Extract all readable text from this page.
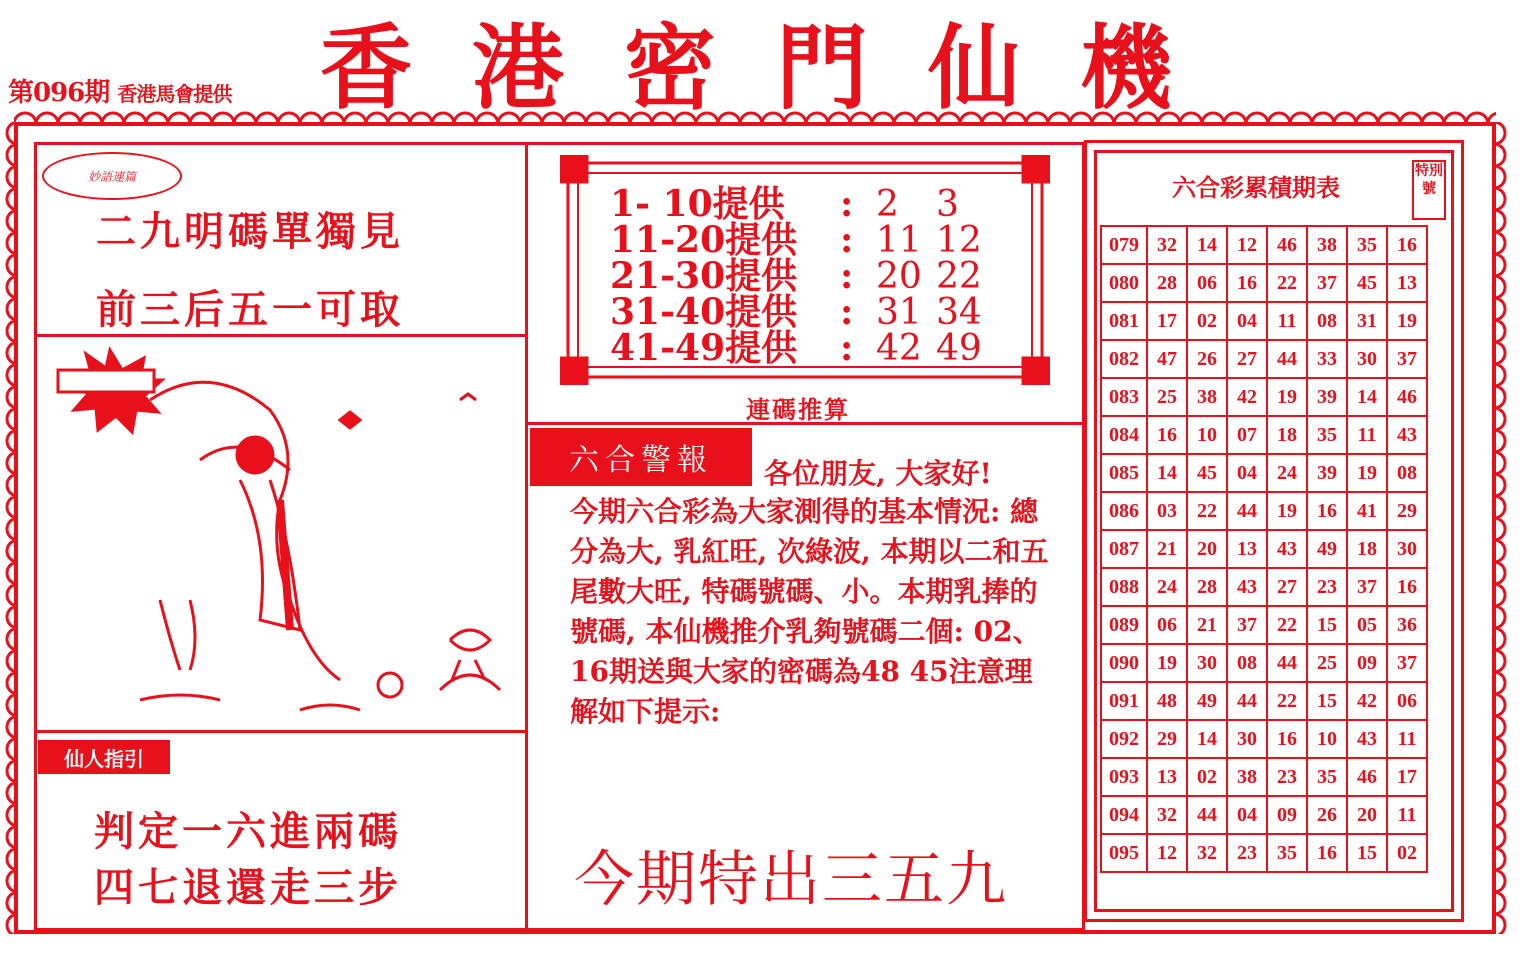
第096期 香港馬會提供 香港密門仙機
妙語連篇
二九明碼單獨見
前三后五一可取
仙人指引
判定一六進兩碼
四七退還走三步
1- 10提供 : 2 3
11-20提供 : 11 12
21-30提供 : 20 22
31-40提供 : 31 34
41-49提供 : 42 49
連碼推算
六合警報	各位朋友, 大家好!
今期六合彩為大家測得的基本情況: 總分為大, 乳紅旺, 次綠波, 本期以二和五尾數大旺, 特碼號碼、小。本期乳捧的號碼, 本仙機推介乳夠號碼二個: 02、16期送與大家的密碼為48 45注意理解如下提示:
今期特出三五九
六合彩累積期表
特別號
079	32	14	12	46	38	35	16
080	28	06	16	22	37	45	13
081	17	02	04	11	08	31	19
082	47	26	27	44	33	30	37
083	25	38	42	19	39	14	46
084	16	10	07	18	35	11	43
085	14	45	04	24	39	19	08
086	03	22	44	19	16	41	29
087	21	20	13	43	49	18	30
088	24	28	43	27	23	37	16
089	06	21	37	22	15	05	36
090	19	30	08	44	25	09	37
091	48	49	44	22	15	42	06
092	29	14	30	16	10	43	11
093	13	02	38	23	35	46	17
094	32	44	04	09	26	20	11
095	12	32	23	35	16	15	02
